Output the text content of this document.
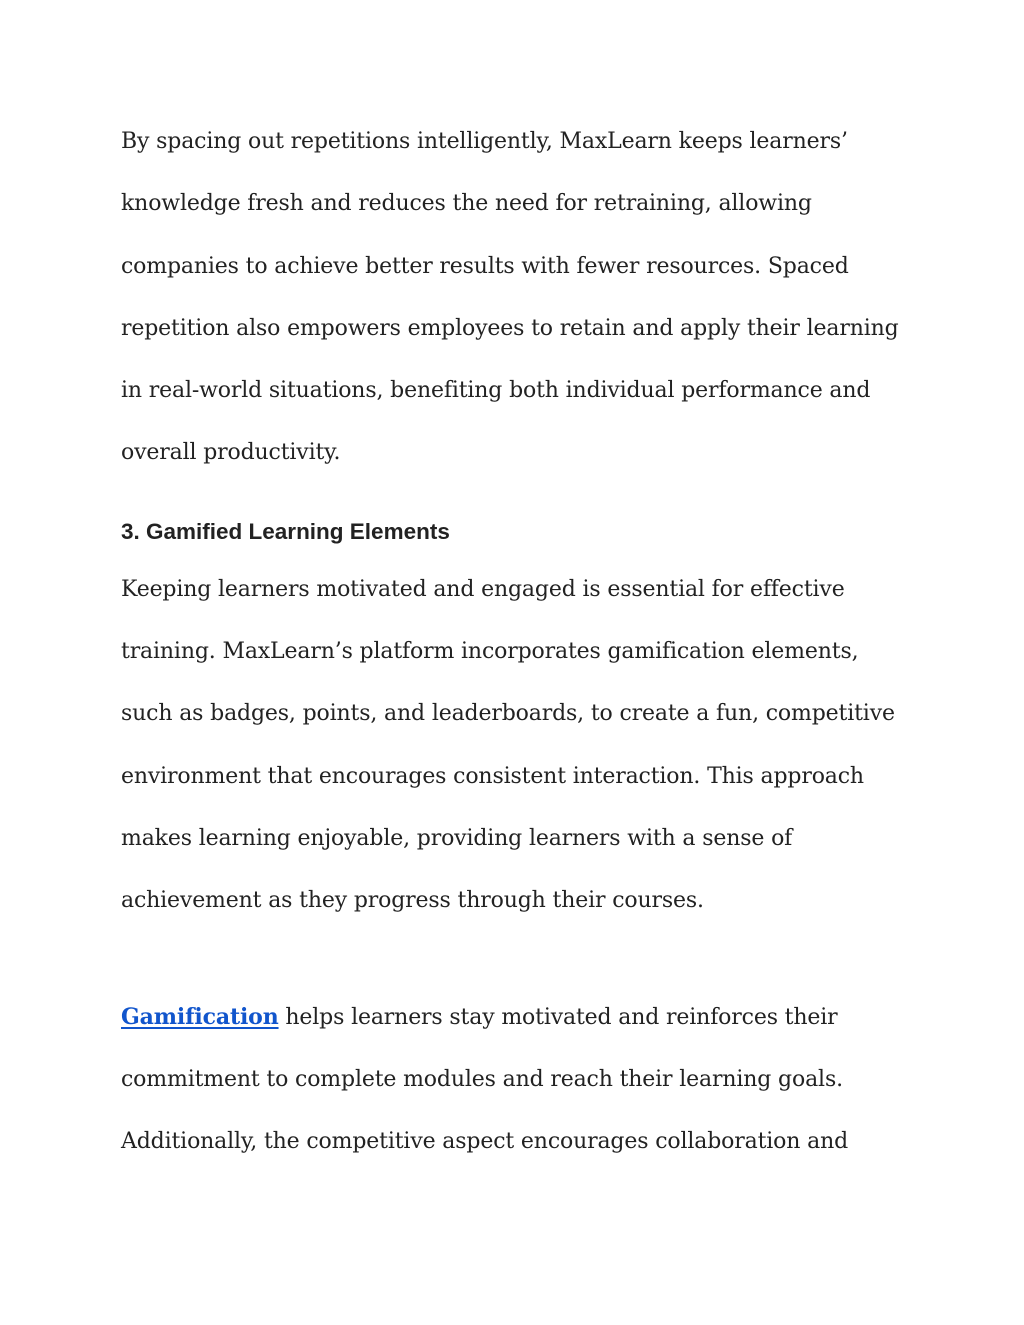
By spacing out repetitions intelligently, MaxLearn keeps learners’
knowledge fresh and reduces the need for retraining, allowing
companies to achieve better results with fewer resources. Spaced
repetition also empowers employees to retain and apply their learning
in real-world situations, benefiting both individual performance and
overall productivity.
3. Gamified Learning Elements
Keeping learners motivated and engaged is essential for effective
training. MaxLearn’s platform incorporates gamification elements,
such as badges, points, and leaderboards, to create a fun, competitive
environment that encourages consistent interaction. This approach
makes learning enjoyable, providing learners with a sense of
achievement as they progress through their courses.
Gamification helps learners stay motivated and reinforces their
commitment to complete modules and reach their learning goals.
Additionally, the competitive aspect encourages collaboration and
